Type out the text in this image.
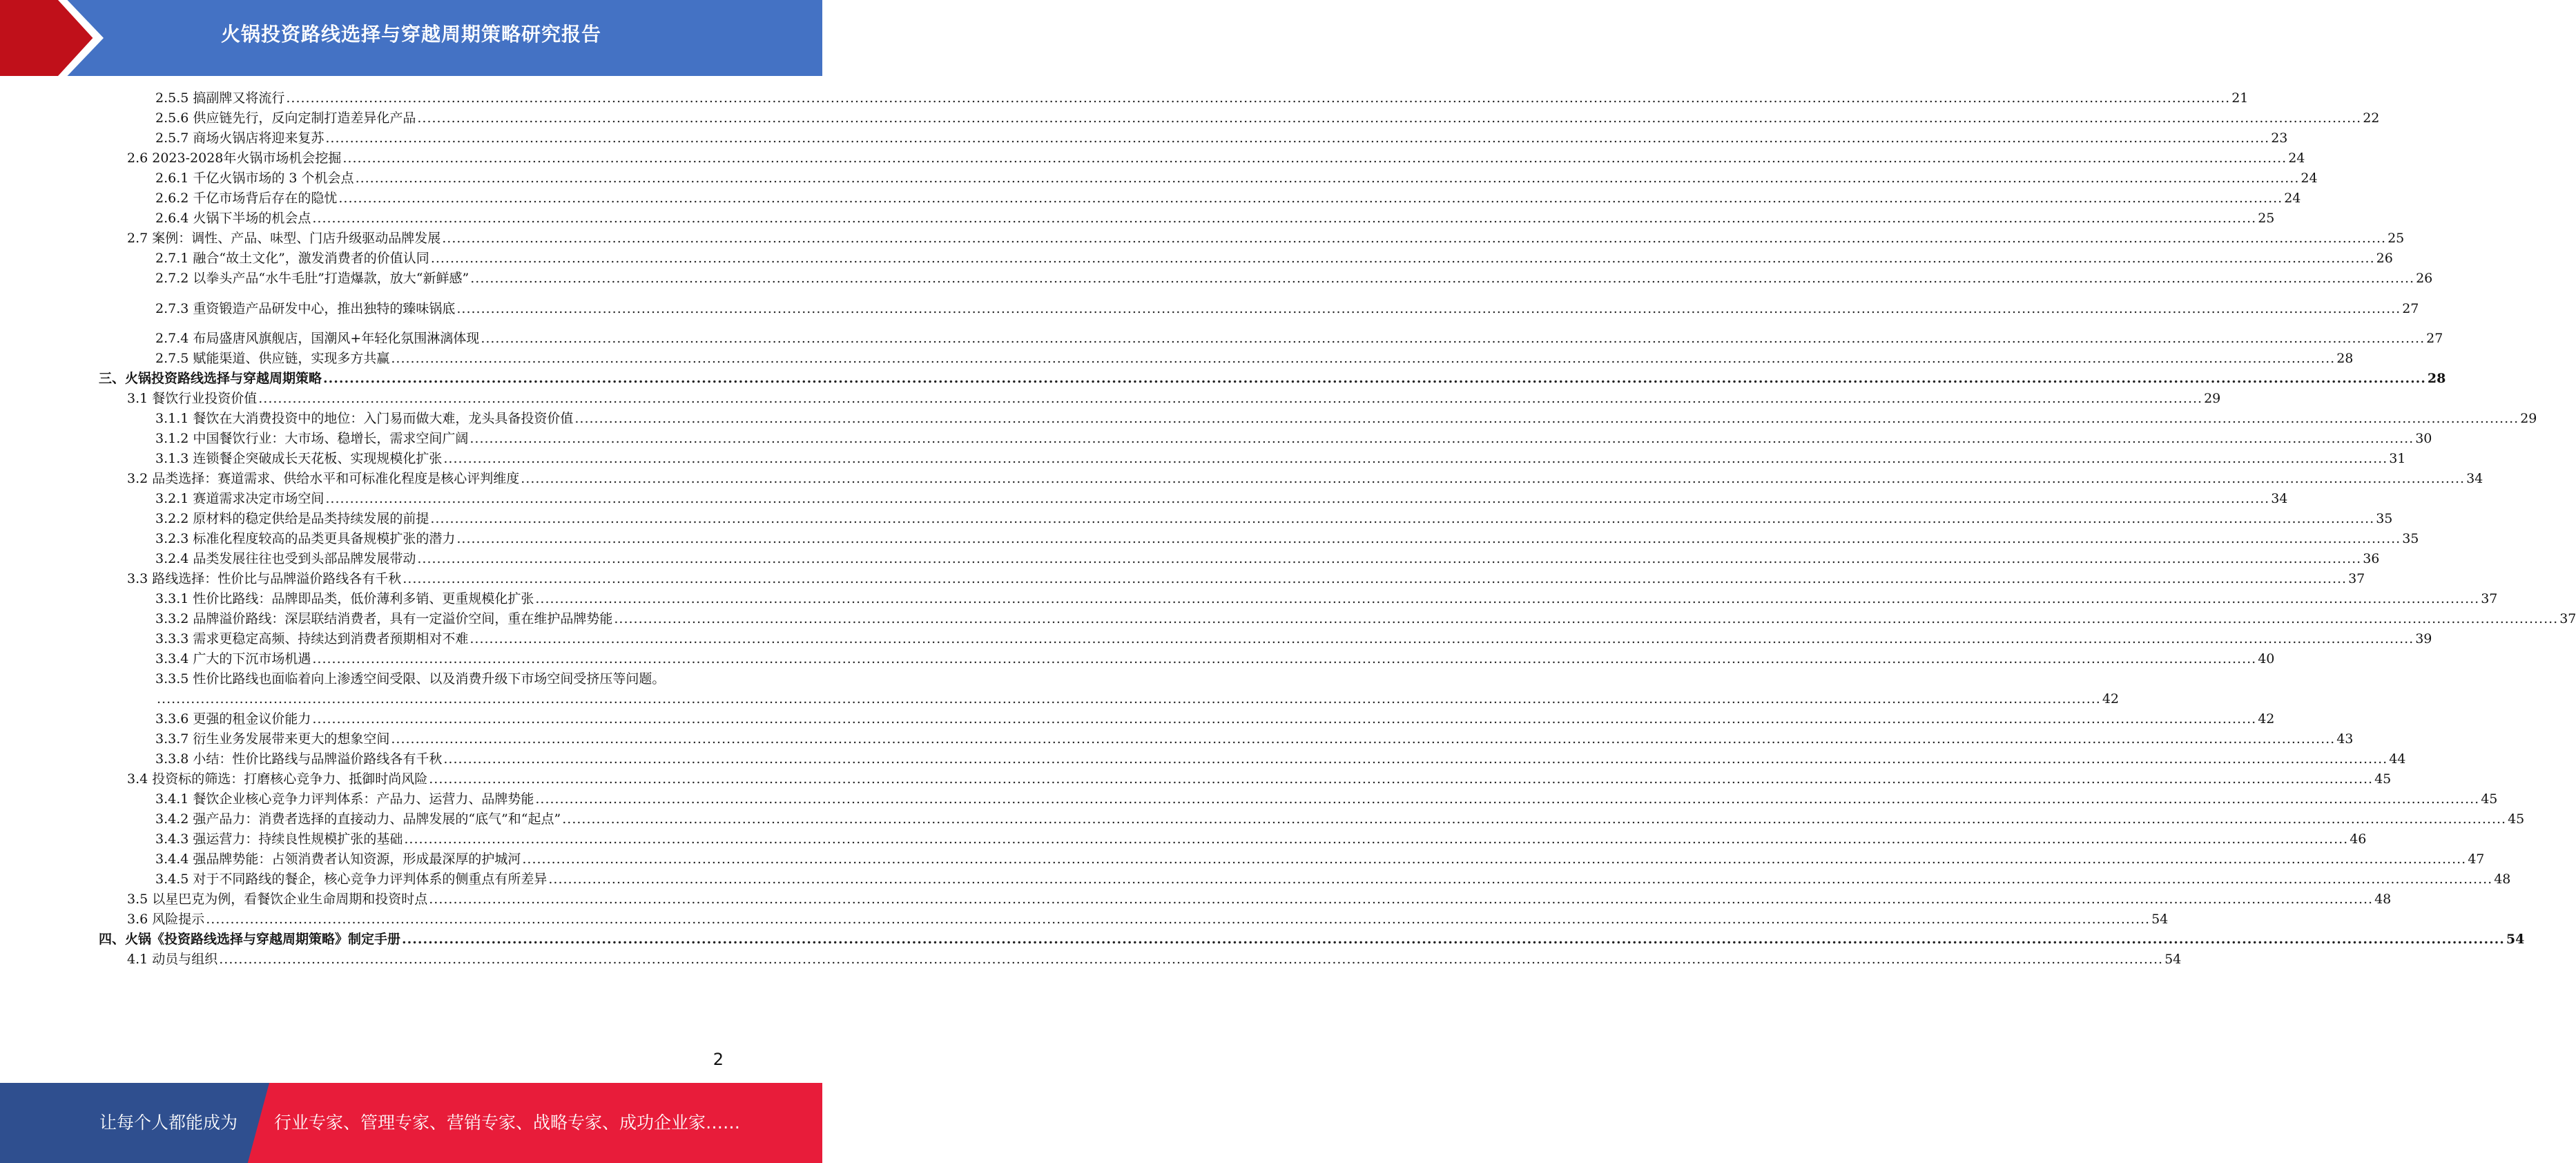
火锅投资路线选择与穿越周期策略研究报告
2.5.5 搞副牌又将流行 ................................................................................................................................................................................................................................................................................................................................................................................................................ 21
2.5.6 供应链先行，反向定制打造差异化产品 ................................................................................................................................................................................................................................................................................................................................................................................................................ 22
2.5.7 商场火锅店将迎来复苏 ................................................................................................................................................................................................................................................................................................................................................................................................................ 23
2.6 2023-2028年火锅市场机会挖掘 ................................................................................................................................................................................................................................................................................................................................................................................................................ 24
2.6.1 千亿火锅市场的 3 个机会点 ................................................................................................................................................................................................................................................................................................................................................................................................................ 24
2.6.2 千亿市场背后存在的隐忧 ................................................................................................................................................................................................................................................................................................................................................................................................................ 24
2.6.4 火锅下半场的机会点 ................................................................................................................................................................................................................................................................................................................................................................................................................ 25
2.7 案例：调性、产品、味型、门店升级驱动品牌发展 ................................................................................................................................................................................................................................................................................................................................................................................................................ 25
2.7.1 融合“故土文化”，激发消费者的价值认同 ................................................................................................................................................................................................................................................................................................................................................................................................................ 26
2.7.2 以拳头产品“水牛毛肚”打造爆款，放大“新鲜感” ................................................................................................................................................................................................................................................................................................................................................................................................................ 26
2.7.3 重资锻造产品研发中心，推出独特的臻味锅底 ................................................................................................................................................................................................................................................................................................................................................................................................................ 27
2.7.4 布局盛唐风旗舰店，国潮风+年轻化氛围淋漓体现 ................................................................................................................................................................................................................................................................................................................................................................................................................ 27
2.7.5 赋能渠道、供应链，实现多方共赢 ................................................................................................................................................................................................................................................................................................................................................................................................................ 28
三、火锅投资路线选择与穿越周期策略 ................................................................................................................................................................................................................................................................................................................................................................................................................ 28
3.1 餐饮行业投资价值 ................................................................................................................................................................................................................................................................................................................................................................................................................ 29
3.1.1 餐饮在大消费投资中的地位：入门易而做大难，龙头具备投资价值 ................................................................................................................................................................................................................................................................................................................................................................................................................ 29
3.1.2 中国餐饮行业：大市场、稳增长，需求空间广阔 ................................................................................................................................................................................................................................................................................................................................................................................................................ 30
3.1.3 连锁餐企突破成长天花板、实现规模化扩张 ................................................................................................................................................................................................................................................................................................................................................................................................................ 31
3.2 品类选择：赛道需求、供给水平和可标准化程度是核心评判维度 ................................................................................................................................................................................................................................................................................................................................................................................................................ 34
3.2.1 赛道需求决定市场空间 ................................................................................................................................................................................................................................................................................................................................................................................................................ 34
3.2.2 原材料的稳定供给是品类持续发展的前提 ................................................................................................................................................................................................................................................................................................................................................................................................................ 35
3.2.3 标准化程度较高的品类更具备规模扩张的潜力 ................................................................................................................................................................................................................................................................................................................................................................................................................ 35
3.2.4 品类发展往往也受到头部品牌发展带动 ................................................................................................................................................................................................................................................................................................................................................................................................................ 36
3.3 路线选择：性价比与品牌溢价路线各有千秋 ................................................................................................................................................................................................................................................................................................................................................................................................................ 37
3.3.1 性价比路线：品牌即品类，低价薄利多销、更重规模化扩张 ................................................................................................................................................................................................................................................................................................................................................................................................................ 37
3.3.2 品牌溢价路线：深层联结消费者，具有一定溢价空间，重在维护品牌势能 ................................................................................................................................................................................................................................................................................................................................................................................................................ 37
3.3.3 需求更稳定高频、持续达到消费者预期相对不难 ................................................................................................................................................................................................................................................................................................................................................................................................................ 39
3.3.4 广大的下沉市场机遇 ................................................................................................................................................................................................................................................................................................................................................................................................................ 40
3.3.5 性价比路线也面临着向上渗透空间受限、以及消费升级下市场空间受挤压等问题。
................................................................................................................................................................................................................................................................................................................................................................................................................ 42
3.3.6 更强的租金议价能力 ................................................................................................................................................................................................................................................................................................................................................................................................................ 42
3.3.7 衍生业务发展带来更大的想象空间 ................................................................................................................................................................................................................................................................................................................................................................................................................ 43
3.3.8 小结：性价比路线与品牌溢价路线各有千秋 ................................................................................................................................................................................................................................................................................................................................................................................................................ 44
3.4 投资标的筛选：打磨核心竞争力、抵御时尚风险 ................................................................................................................................................................................................................................................................................................................................................................................................................ 45
3.4.1 餐饮企业核心竞争力评判体系：产品力、运营力、品牌势能 ................................................................................................................................................................................................................................................................................................................................................................................................................ 45
3.4.2 强产品力：消费者选择的直接动力、品牌发展的“底气”和“起点” ................................................................................................................................................................................................................................................................................................................................................................................................................ 45
3.4.3 强运营力：持续良性规模扩张的基础 ................................................................................................................................................................................................................................................................................................................................................................................................................ 46
3.4.4 强品牌势能：占领消费者认知资源，形成最深厚的护城河 ................................................................................................................................................................................................................................................................................................................................................................................................................ 47
3.4.5 对于不同路线的餐企，核心竞争力评判体系的侧重点有所差异 ................................................................................................................................................................................................................................................................................................................................................................................................................ 48
3.5 以星巴克为例，看餐饮企业生命周期和投资时点 ................................................................................................................................................................................................................................................................................................................................................................................................................ 48
3.6 风险提示 ................................................................................................................................................................................................................................................................................................................................................................................................................ 54
四、火锅《投资路线选择与穿越周期策略》制定手册 ................................................................................................................................................................................................................................................................................................................................................................................................................ 54
4.1 动员与组织 ................................................................................................................................................................................................................................................................................................................................................................................................................ 54
2
让每个人都能成为 行业专家、管理专家、营销专家、战略专家、成功企业家……
